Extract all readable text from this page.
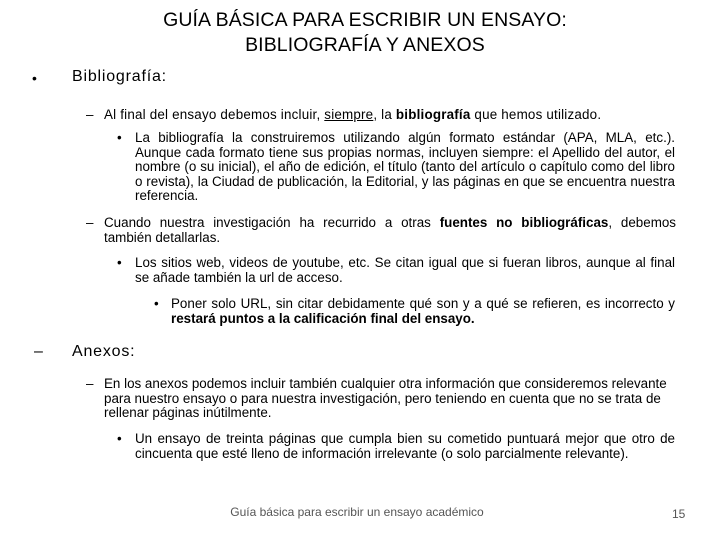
GUÍA BÁSICA PARA ESCRIBIR UN ENSAYO:
BIBLIOGRAFÍA Y ANEXOS
• Bibliografía:
– Al final del ensayo debemos incluir, siempre, la bibliografía que hemos utilizado.
• La bibliografía la construiremos utilizando algún formato estándar (APA, MLA, etc.). Aunque cada formato tiene sus propias normas, incluyen siempre: el Apellido del autor, el nombre (o su inicial), el año de edición, el título (tanto del artículo o capítulo como del libro o revista), la Ciudad de publicación, la Editorial, y las páginas en que se encuentra nuestra referencia.
– Cuando nuestra investigación ha recurrido a otras fuentes no bibliográficas, debemos también detallarlas.
• Los sitios web, videos de youtube, etc. Se citan igual que si fueran libros, aunque al final se añade también la url de acceso.
• Poner solo URL, sin citar debidamente qué son y a qué se refieren, es incorrecto y restará puntos a la calificación final del ensayo.
– Anexos:
– En los anexos podemos incluir también cualquier otra información que consideremos relevante para nuestro ensayo o para nuestra investigación, pero teniendo en cuenta que no se trata de rellenar páginas inútilmente.
• Un ensayo de treinta páginas que cumpla bien su cometido puntuará mejor que otro de cincuenta que esté lleno de información irrelevante (o solo parcialmente relevante).
Guía básica para escribir un ensayo académico	15
